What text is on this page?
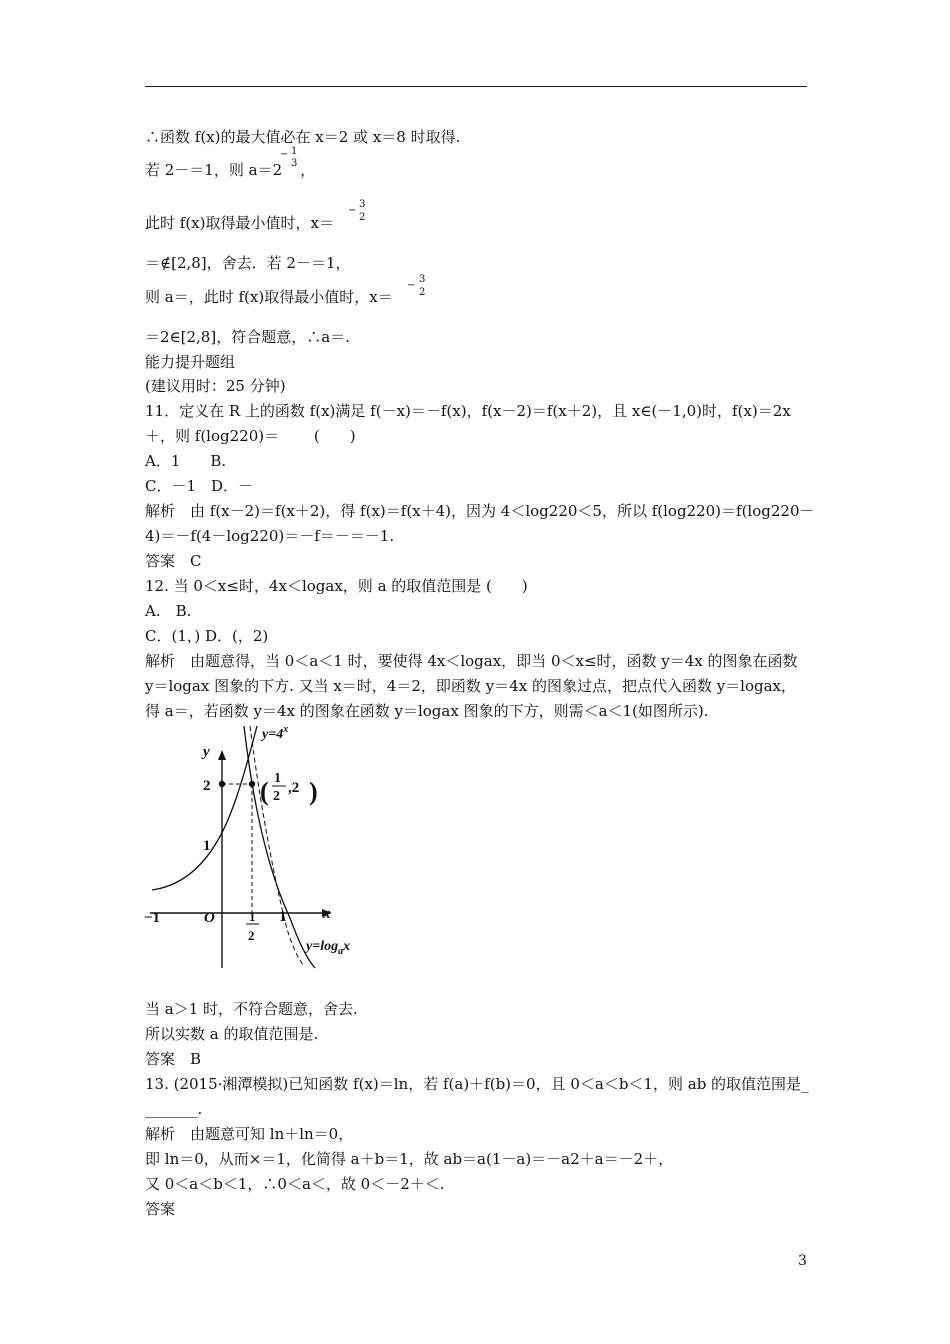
∴函数 f(x)的最大值必在 x＝2 或 x＝8 时取得.
若 2－＝1，则 a＝2 ，
− 1
3
此时 f(x)取得最小值时，x＝
−
3
2
＝∉[2,8]，舍去．若 2－＝1，
则 a＝，此时 f(x)取得最小值时，x＝
−
3
2
＝2∈[2,8]，符合题意，∴a＝.
能力提升题组
(建议用时：25 分钟)
11．定义在 R 上的函数 f(x)满足 f(－x)＝－f(x)，f(x－2)＝f(x＋2)，且 x∈(－1,0)时，f(x)＝2x
＋，则 f(log220)＝　　 (　　)
A．1　　B.
C．－1　D．－
解析　由 f(x－2)＝f(x＋2)，得 f(x)＝f(x＋4)，因为 4＜log220＜5，所以 f(log220)＝f(log220－
4)＝－f(4－log220)＝－f＝－＝－1.
答案　C
12. 当 0＜x≤时，4x＜logax，则 a 的取值范围是 (　　)
A.　B.
C．(1，) D．(，2)
解析　由题意得，当 0＜a＜1 时，要使得 4x＜logax，即当 0＜x≤时，函数 y＝4x 的图象在函数
y＝logax 图象的下方. 又当 x＝时，4＝2，即函数 y＝4x 的图象过点，把点代入函数 y＝logax，
得 a＝，若函数 y＝4x 的图象在函数 y＝logax 图象的下方，则需＜a＜1(如图所示).
y
x
$y=4^x$
$y=\log_ax$
2
1
−1	O	1
2
1
( 1
2
,2 )
当 a＞1 时，不符合题意，舍去.
所以实数 a 的取值范围是.
答案　B
13. (2015·湘潭模拟)已知函数 f(x)＝ln，若 f(a)＋f(b)＝0，且 0＜a＜b＜1，则 ab 的取值范围是_
_______.
解析　由题意可知 ln＋ln＝0，
即 ln＝0，从而×＝1，化简得 a＋b＝1，故 ab＝a(1－a)＝－a2＋a＝－2＋，
又 0＜a＜b＜1，∴0＜a＜，故 0＜－2＋＜.
答案
3
